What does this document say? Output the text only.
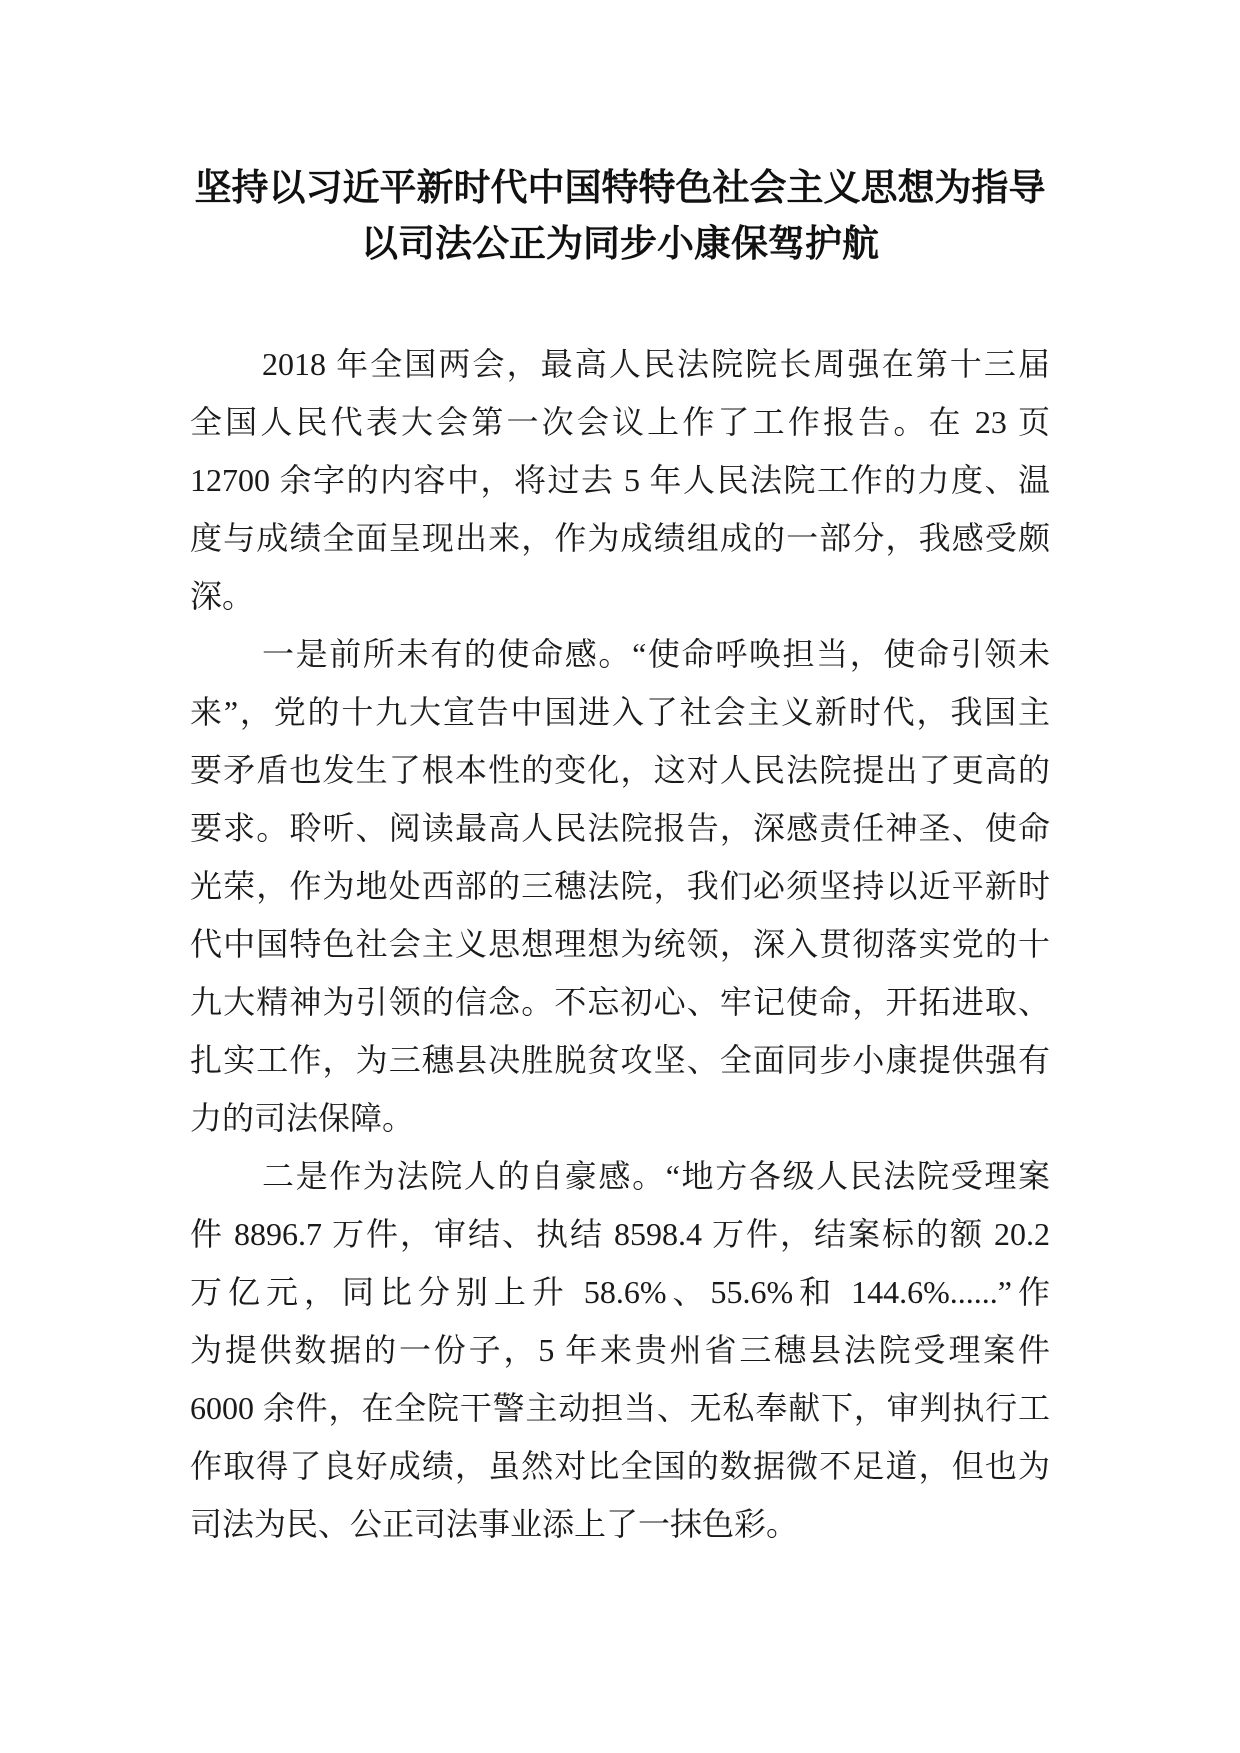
坚持以习近平新时代中国特特色社会主义思想为指导
以司法公正为同步小康保驾护航
2018 年全国两会，最高人民法院院长周强在第十三届
全国人民代表大会第一次会议上作了工作报告。在 23 页
12700 余字的内容中，将过去 5 年人民法院工作的力度、温
度与成绩全面呈现出来，作为成绩组成的一部分，我感受颇
深。
一是前所未有的使命感。“使命呼唤担当，使命引领未
来”，党的十九大宣告中国进入了社会主义新时代，我国主
要矛盾也发生了根本性的变化，这对人民法院提出了更高的
要求。聆听、阅读最高人民法院报告，深感责任神圣、使命
光荣，作为地处西部的三穗法院，我们必须坚持以近平新时
代中国特色社会主义思想理想为统领，深入贯彻落实党的十
九大精神为引领的信念。不忘初心、牢记使命，开拓进取、
扎实工作，为三穗县决胜脱贫攻坚、全面同步小康提供强有
力的司法保障。
二是作为法院人的自豪感。“地方各级人民法院受理案
件 8896.7 万件，审结、执结 8598.4 万件，结案标的额 20.2
万亿元，同比分别上升 58.6%、55.6%和 144.6%......”作
为提供数据的一份子，5 年来贵州省三穗县法院受理案件
6000 余件，在全院干警主动担当、无私奉献下，审判执行工
作取得了良好成绩，虽然对比全国的数据微不足道，但也为
司法为民、公正司法事业添上了一抹色彩。
